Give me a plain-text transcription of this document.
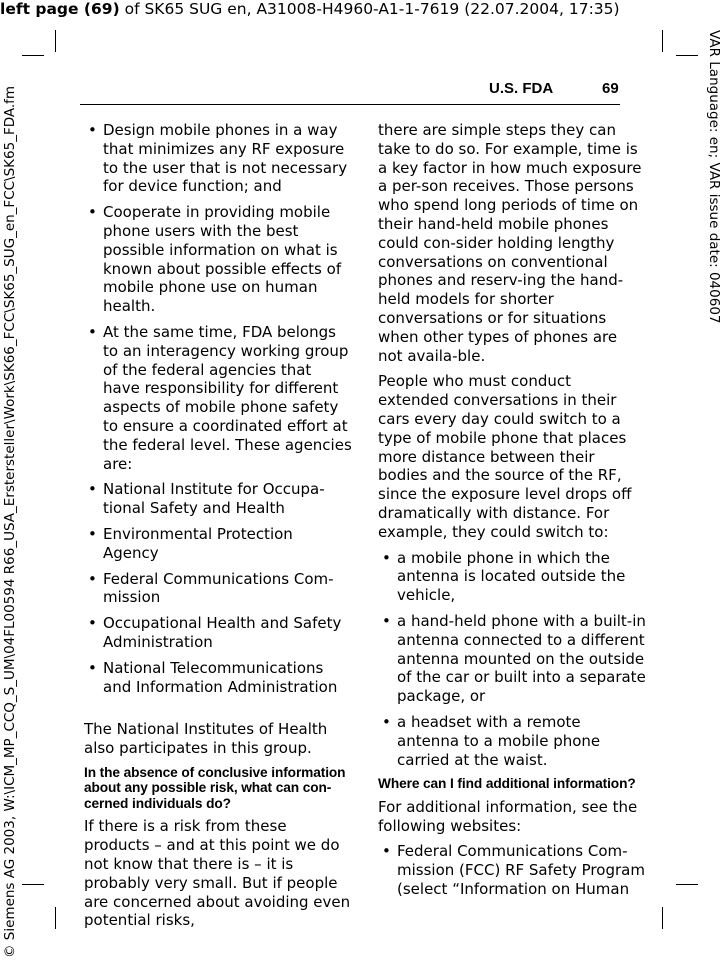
left page (69) of SK65 SUG en, A31008-H4960-A1-1-7619 (22.07.2004, 17:35)
© Siemens AG 2003, W:\ICM_MP_CCQ_S_UM\04FL00594 R66_USA_Erstersteller\Work\SK66_FCC\SK65_SUG_en_FCC\SK65_FDA.fm	VAR Language: en; VAR issue date: 040607
U.S. FDA	69
• Design mobile phones in a way that minimizes any RF exposure to the user that is not necessary for device function; and
• Cooperate in providing mobile phone users with the best possible information on what is known about possible effects of mobile phone use on human health.
• At the same time, FDA belongs to an interagency working group of the federal agencies that have responsibility for different aspects of mobile phone safety to ensure a coordinated effort at the federal level. These agencies are:
• National Institute for Occupa-tional Safety and Health
• Environmental Protection Agency
• Federal Communications Com-mission
• Occupational Health and Safety Administration
• National Telecommunications and Information Administration

The National Institutes of Health also participates in this group.

In the absence of conclusive information about any possible risk, what can con-cerned individuals do?

If there is a risk from these products – and at this point we do not know that there is – it is probably very small. But if people are concerned about avoiding even potential risks,

there are simple steps they can take to do so. For example, time is a key factor in how much exposure a per-son receives. Those persons who spend long periods of time on their hand-held mobile phones could con-sider holding lengthy conversations on conventional phones and reserv-ing the hand-held models for shorter conversations or for situations when other types of phones are not availa-ble.

People who must conduct extended conversations in their cars every day could switch to a type of mobile phone that places more distance between their bodies and the source of the RF, since the exposure level drops off dramatically with distance. For example, they could switch to:

• a mobile phone in which the antenna is located outside the vehicle,
• a hand-held phone with a built-in antenna connected to a different antenna mounted on the outside of the car or built into a separate package, or
• a headset with a remote antenna to a mobile phone carried at the waist.
Where can I find additional information?

For additional information, see the following websites:

• Federal Communications Com-mission (FCC) RF Safety Program (select “Information on Human
